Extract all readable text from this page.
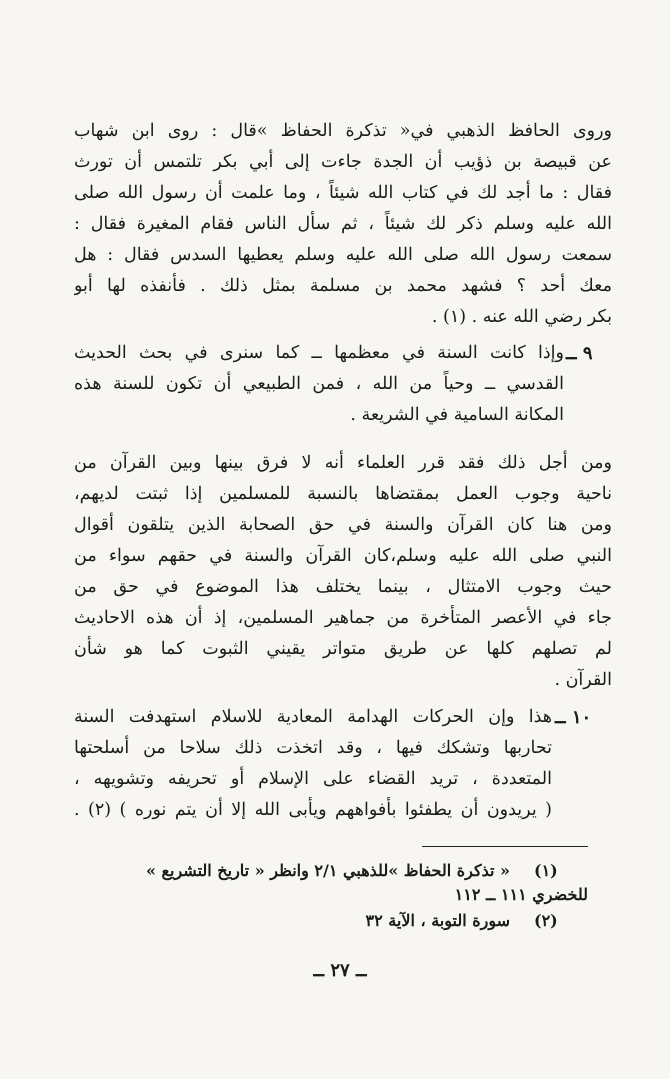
وروى الحافظ الذهبي في« تذكرة الحفاظ »قال : روى ابن شهاب
عن قبيصة بن ذؤيب أن الجدة جاءت إلى أبي بكر تلتمس أن تورث
فقال : ما أجد لك في كتاب الله شيئاً ، وما علمت أن رسول الله صلى
الله عليه وسلم ذكر لك شيئاً ، ثم سأل الناس فقام المغيرة فقال :
سمعت رسول الله صلى الله عليه وسلم يعطيها السدس فقال : هل
معك أحد ؟ فشهد محمد بن مسلمة بمثل ذلك . فأنفذه لها أبو
بكر رضي الله عنه . (١) .
٩ ــ
وإذا كانت السنة في معظمها ــ كما سنرى في بحث الحديث
القدسي ــ وحياً من الله ، فمن الطبيعي أن تكون للسنة هذه
المكانة السامية في الشريعة .
ومن أجل ذلك فقد قرر العلماء أنه لا فرق بينها وبين القرآن من
ناحية وجوب العمل بمقتضاها بالنسبة للمسلمين إذا ثبتت لديهم،
ومن هنا كان القرآن والسنة في حق الصحابة الذين يتلقون أقوال
النبي صلى الله عليه وسلم،كان القرآن والسنة في حقهم سواء من
حيث وجوب الامتثال ، بينما يختلف هذا الموضوع في حق من
جاء في الأعصر المتأخرة من جماهير المسلمين، إذ أن هذه الاحاديث
لم تصلهم كلها عن طريق متواتر يقيني الثبوت كما هو شأن
القرآن .
١٠ ــ
هذا وإن الحركات الهدامة المعادية للاسلام استهدفت السنة
تحاربها وتشكك فيها ، وقد اتخذت ذلك سلاحا من أسلحتها
المتعددة ، تريد القضاء على الإسلام أو تحريفه وتشويهه ،
( يريدون أن يطفئوا بأفواههم ويأبى الله إلا أن يتم نوره ) (٢) .
(١)
« تذكرة الحفاظ »للذهبي ٢/١ وانظر « تاريخ التشريع »
للخضري ١١١ ــ ١١٢
(٢)
سورة التوبة ، الآية ٣٢
ــ ٢٧ ــ
